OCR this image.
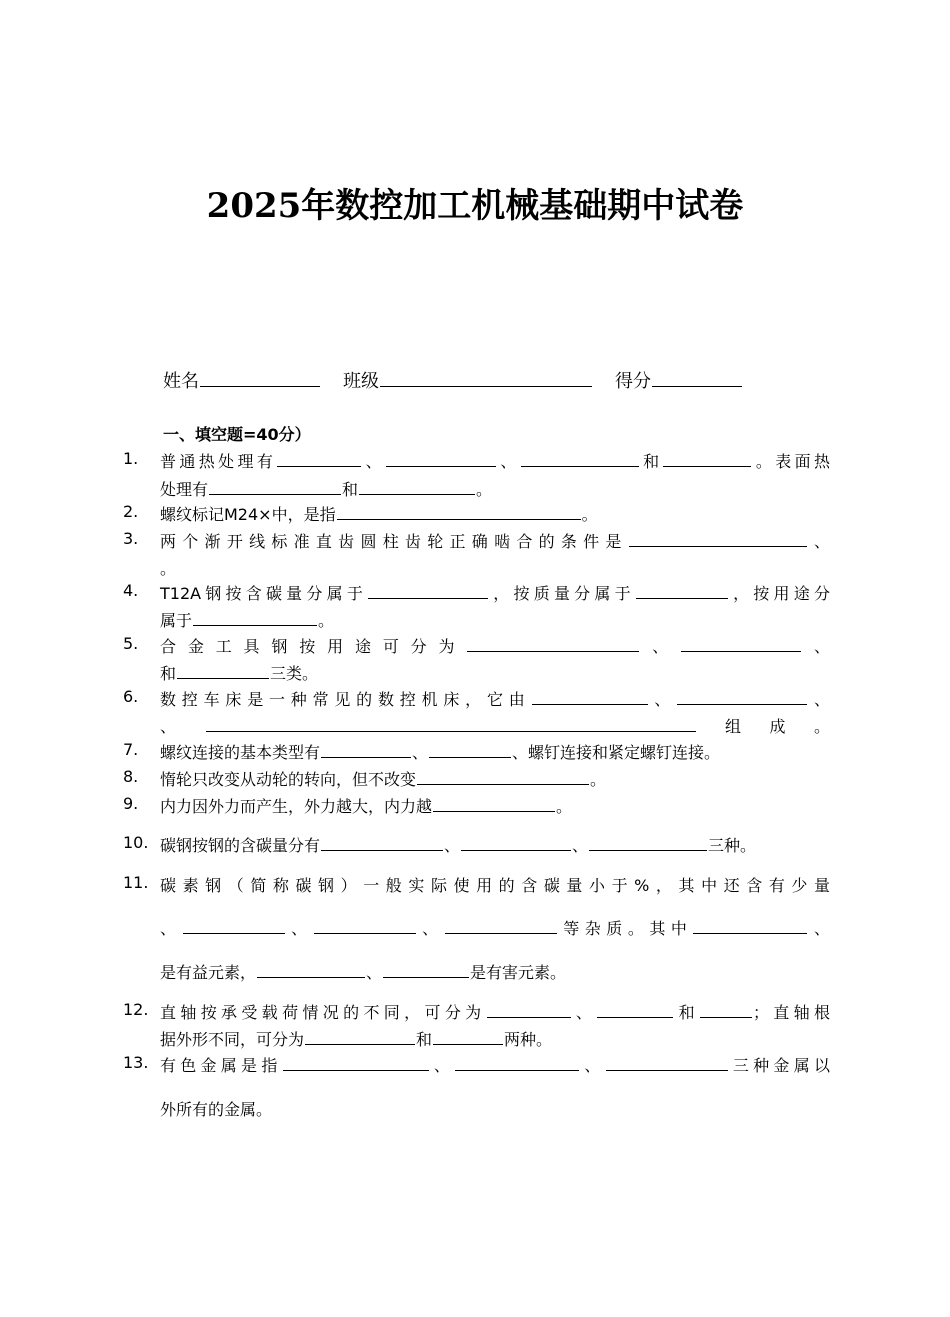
2025年数控加工机械基础期中试卷
姓名	班级	得分
一、填空题=40分）
1. 普通热处理有	、	、	和	。表面热
处理有	和	。
2. 螺纹标记M24×中，是指	。
3. 两个渐开线标准直齿圆柱齿轮正确啮合的条件是	、
。
4. T12A钢按含碳量分属于	，按质量分属于	，按用途分
属于	。
5. 合金工具钢按用途可分为	、	、
和	三类。
6. 数控车床是一种常见的数控机床，它由	、	、
、	组成。
7. 螺纹连接的基本类型有	、	、螺钉连接和紧定螺钉连接。
8. 惰轮只改变从动轮的转向，但不改变	。
9. 内力因外力而产生，外力越大，内力越	。
10. 碳钢按钢的含碳量分有	、	、	三种。
11. 碳素钢（简称碳钢）一般实际使用的含碳量小于%，其中还含有少量
、	、	、	等杂质。其中	、
是有益元素，	、	是有害元素。
12. 直轴按承受载荷情况的不同，可分为	、	和	；直轴根
据外形不同，可分为	和	两种。
13. 有色金属是指	、	、	三种金属以
外所有的金属。
